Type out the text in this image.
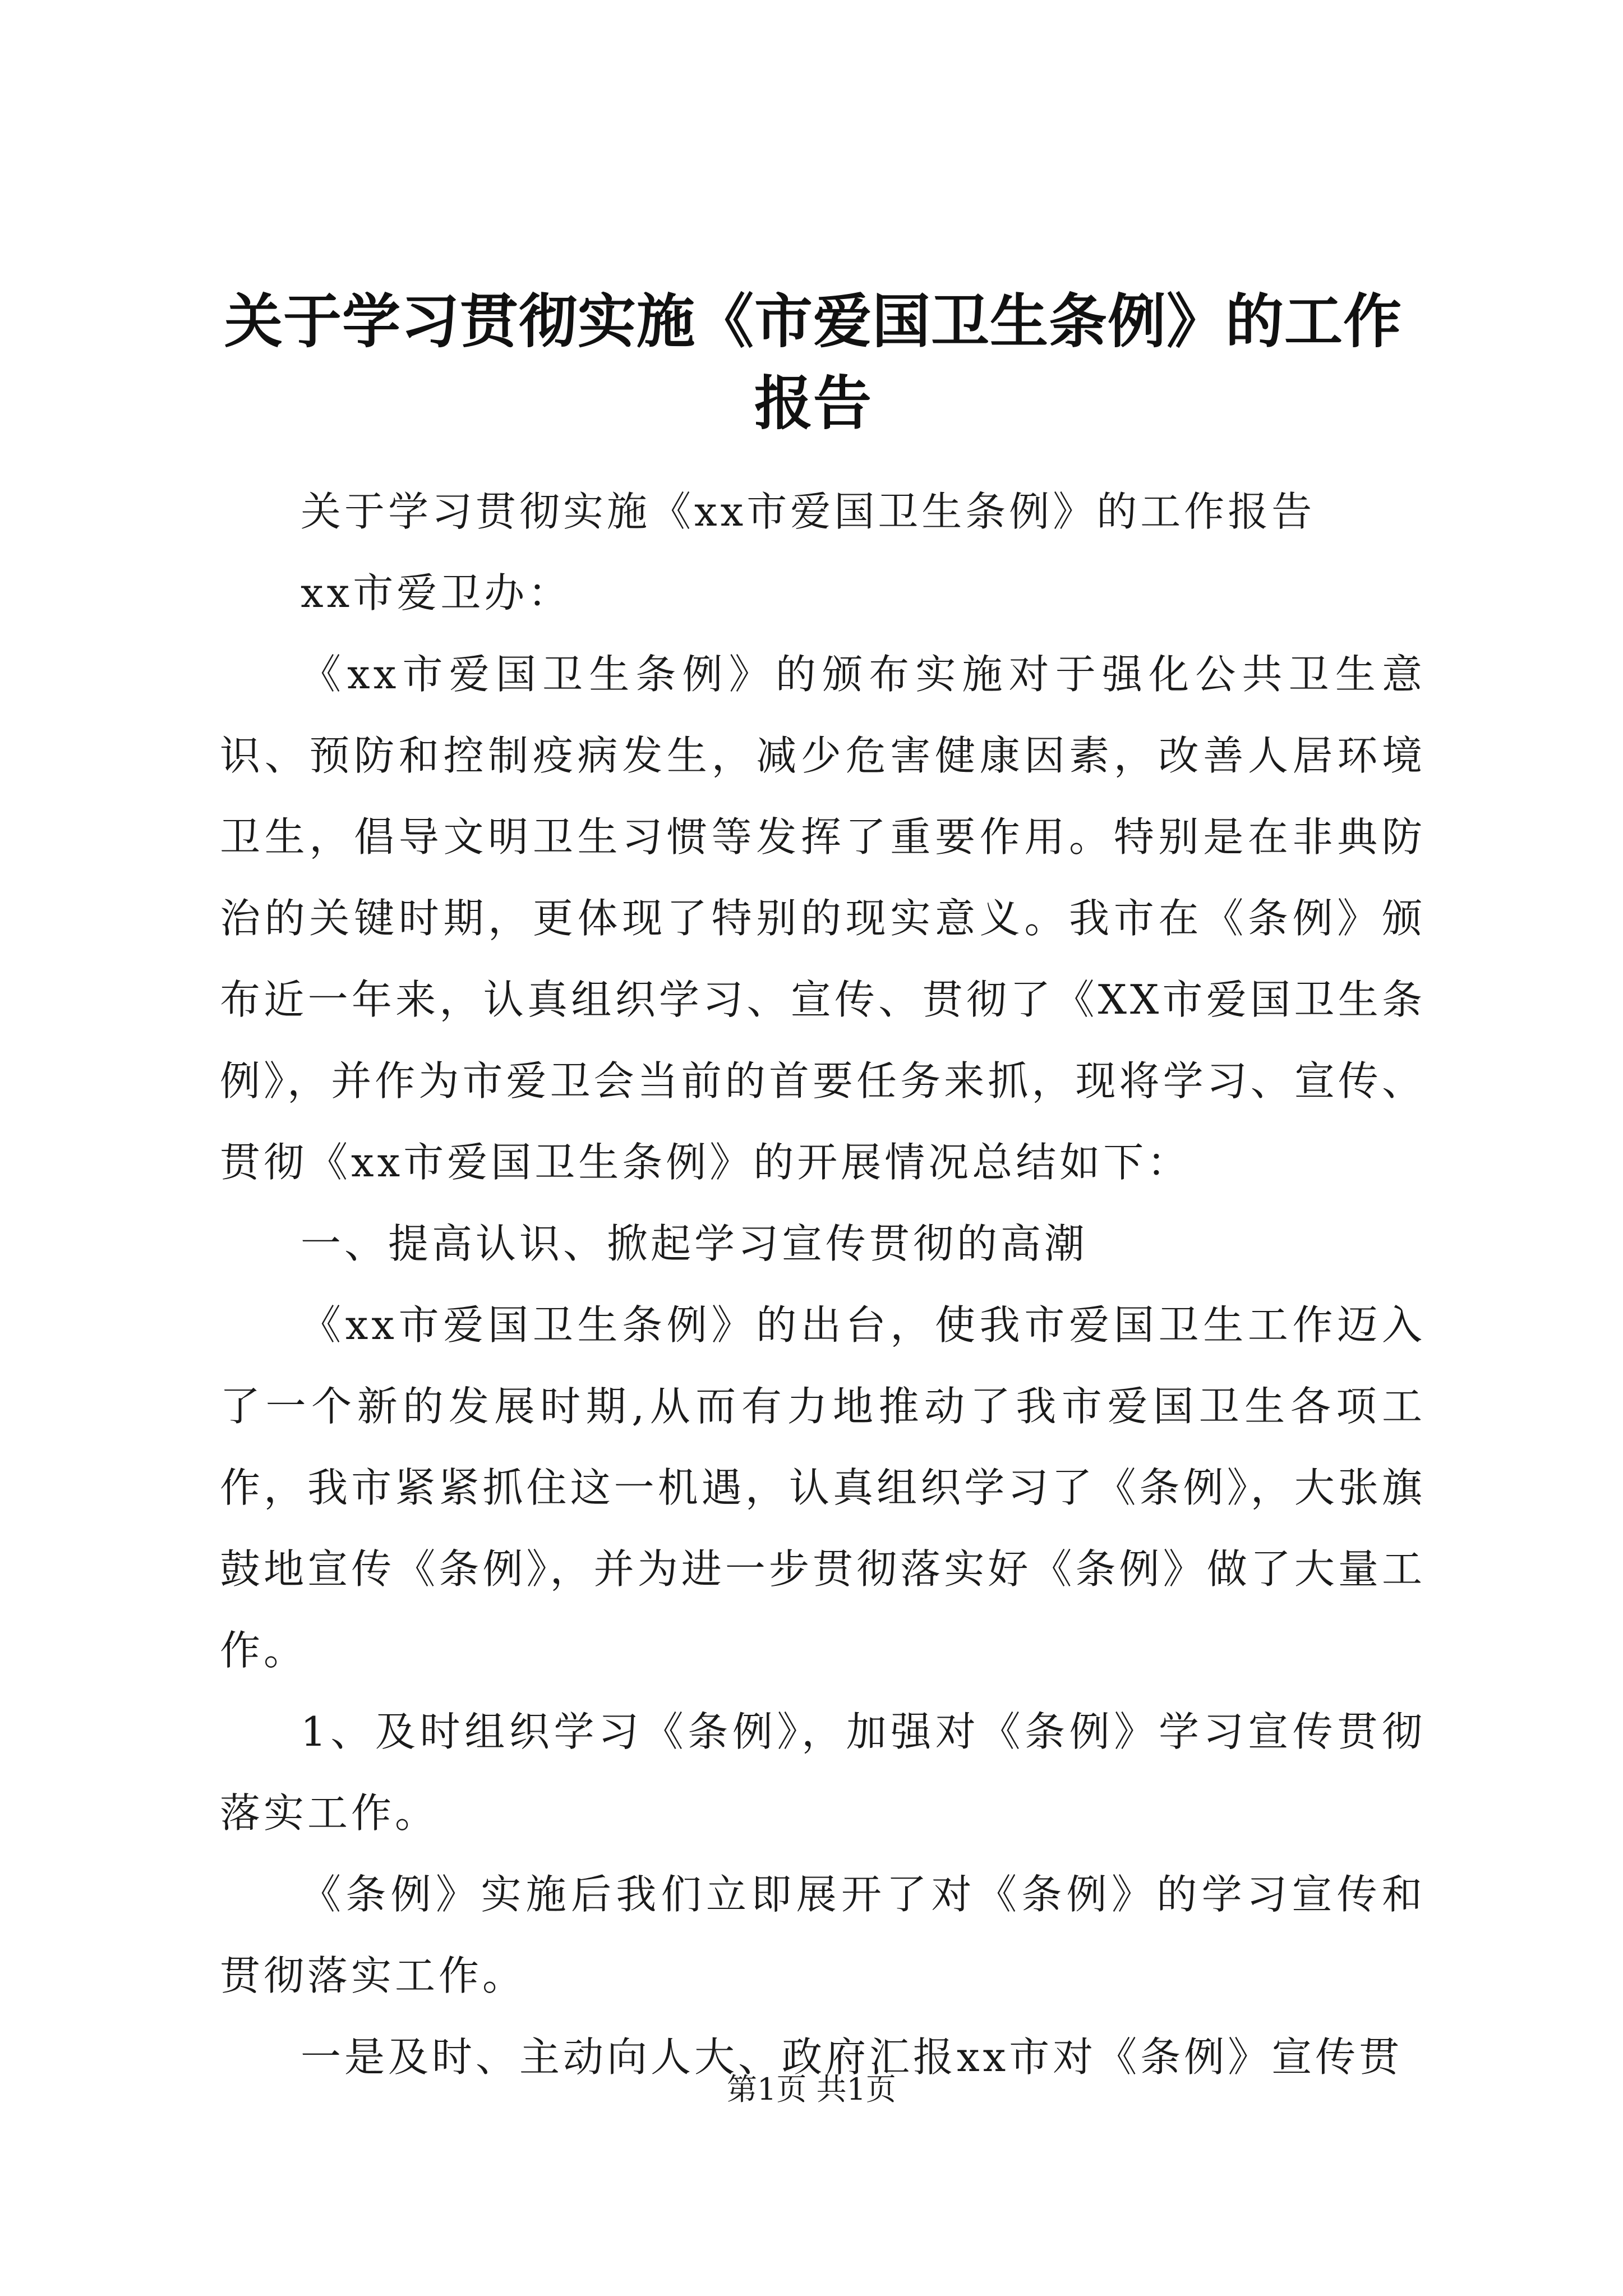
关于学习贯彻实施《市爱国卫生条例》的工作
报告

关于学习贯彻实施《xx市爱国卫生条例》的工作报告

xx市爱卫办：

《xx市爱国卫生条例》的颁布实施对于强化公共卫生意识、预防和控制疫病发生，减少危害健康因素，改善人居环境卫生，倡导文明卫生习惯等发挥了重要作用。特别是在非典防治的关键时期，更体现了特别的现实意义。我市在《条例》颁布近一年来，认真组织学习、宣传、贯彻了《XX市爱国卫生条例》，并作为市爱卫会当前的首要任务来抓，现将学习、宣传、贯彻《xx市爱国卫生条例》的开展情况总结如下：

一、提高认识、掀起学习宣传贯彻的高潮

《xx市爱国卫生条例》的出台，使我市爱国卫生工作迈入了一个新的发展时期,从而有力地推动了我市爱国卫生各项工作，我市紧紧抓住这一机遇，认真组织学习了《条例》，大张旗鼓地宣传《条例》，并为进一步贯彻落实好《条例》做了大量工作。

1、及时组织学习《条例》，加强对《条例》学习宣传贯彻落实工作。

《条例》实施后我们立即展开了对《条例》的学习宣传和贯彻落实工作。

一是及时、主动向人大、政府汇报xx市对《条例》宣传贯

第1页 共1页
